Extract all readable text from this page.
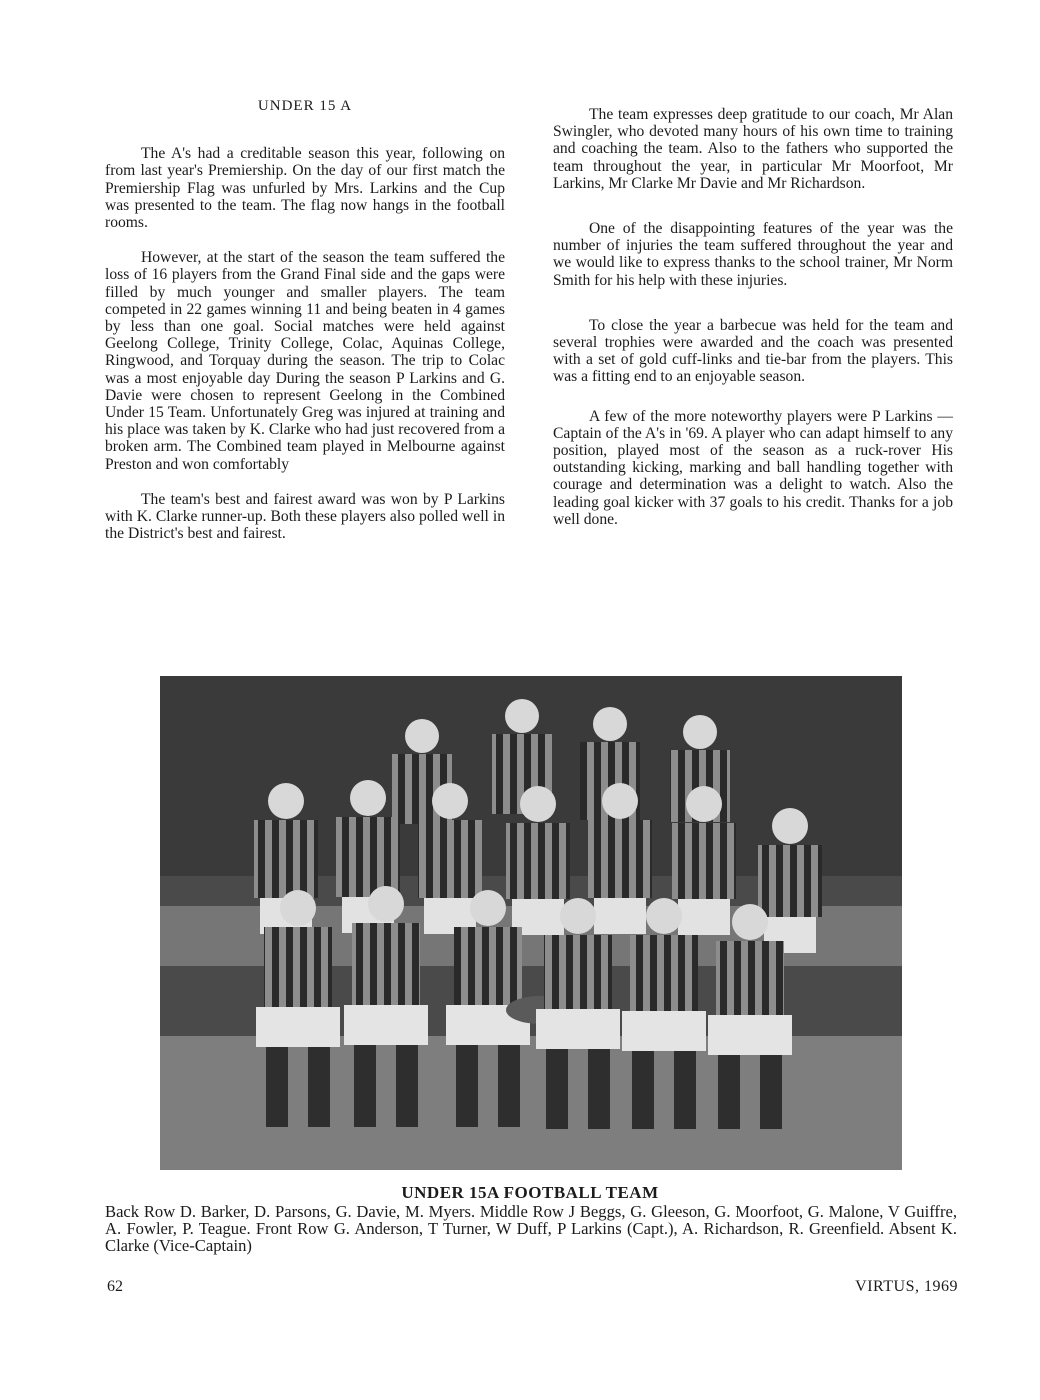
UNDER 15 A

The A's had a creditable season this year, following on from last year's Premiership. On the day of our first match the Premiership Flag was unfurled by Mrs. Larkins and the Cup was presented to the team. The flag now hangs in the football rooms.

However, at the start of the season the team suffered the loss of 16 players from the Grand Final side and the gaps were filled by much younger and smaller players. The team competed in 22 games winning 11 and being beaten in 4 games by less than one goal. Social matches were held against Geelong College, Trinity College, Colac, Aquinas College, Ringwood, and Torquay during the season. The trip to Colac was a most enjoyable day During the season P Larkins and G. Davie were chosen to represent Geelong in the Combined Under 15 Team. Unfortunately Greg was injured at training and his place was taken by K. Clarke who had just recovered from a broken arm. The Combined team played in Melbourne against Preston and won comfortably

The team's best and fairest award was won by P Larkins with K. Clarke runner-up. Both these players also polled well in the District's best and fairest.

The team expresses deep gratitude to our coach, Mr Alan Swingler, who devoted many hours of his own time to training and coaching the team. Also to the fathers who supported the team throughout the year, in particular Mr Moorfoot, Mr Larkins, Mr Clarke Mr Davie and Mr Richardson.

One of the disappointing features of the year was the number of injuries the team suffered throughout the year and we would like to express thanks to the school trainer, Mr Norm Smith for his help with these injuries.

To close the year a barbecue was held for the team and several trophies were awarded and the coach was presented with a set of gold cuff-links and tie-bar from the players. This was a fitting end to an enjoyable season.

A few of the more noteworthy players were P Larkins — Captain of the A's in '69. A player who can adapt himself to any position, played most of the season as a ruck-rover His outstanding kicking, marking and ball handling together with courage and determination was a delight to watch. Also the leading goal kicker with 37 goals to his credit. Thanks for a job well done.

UNDER 15A FOOTBALL TEAM
Back Row D. Barker, D. Parsons, G. Davie, M. Myers. Middle Row J Beggs, G. Gleeson, G. Moorfoot, G. Malone, V Guiffre, A. Fowler, P. Teague. Front Row G. Anderson, T Turner, W Duff, P Larkins (Capt.), A. Richardson, R. Greenfield. Absent K. Clarke (Vice-Captain)
62	VIRTUS, 1969
